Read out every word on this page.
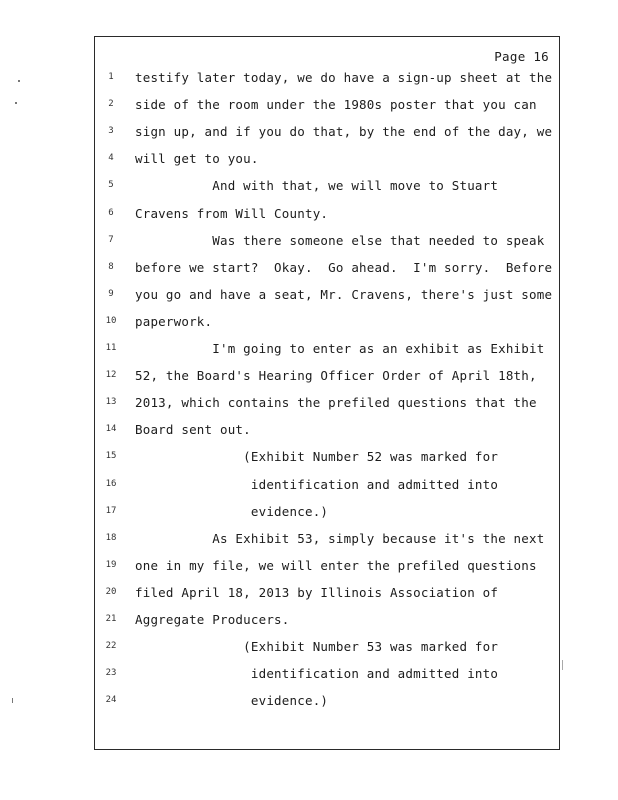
Page 16
1	testify later today, we do have a sign-up sheet at the
2	side of the room under the 1980s poster that you can
3	sign up, and if you do that, by the end of the day, we
4	will get to you.
5	And with that, we will move to Stuart
6	Cravens from Will County.
7	Was there someone else that needed to speak
8	before we start?  Okay.  Go ahead.  I'm sorry.  Before
9	you go and have a seat, Mr. Cravens, there's just some
10 paperwork.
11 I'm going to enter as an exhibit as Exhibit
12 52, the Board's Hearing Officer Order of April 18th,
13 2013, which contains the prefiled questions that the
14 Board sent out.
15 (Exhibit Number 52 was marked for
16 identification and admitted into
17 evidence.)
18 As Exhibit 53, simply because it's the next
19 one in my file, we will enter the prefiled questions
20 filed April 18, 2013 by Illinois Association of
21 Aggregate Producers.
22 (Exhibit Number 53 was marked for
23 identification and admitted into
24 evidence.)
